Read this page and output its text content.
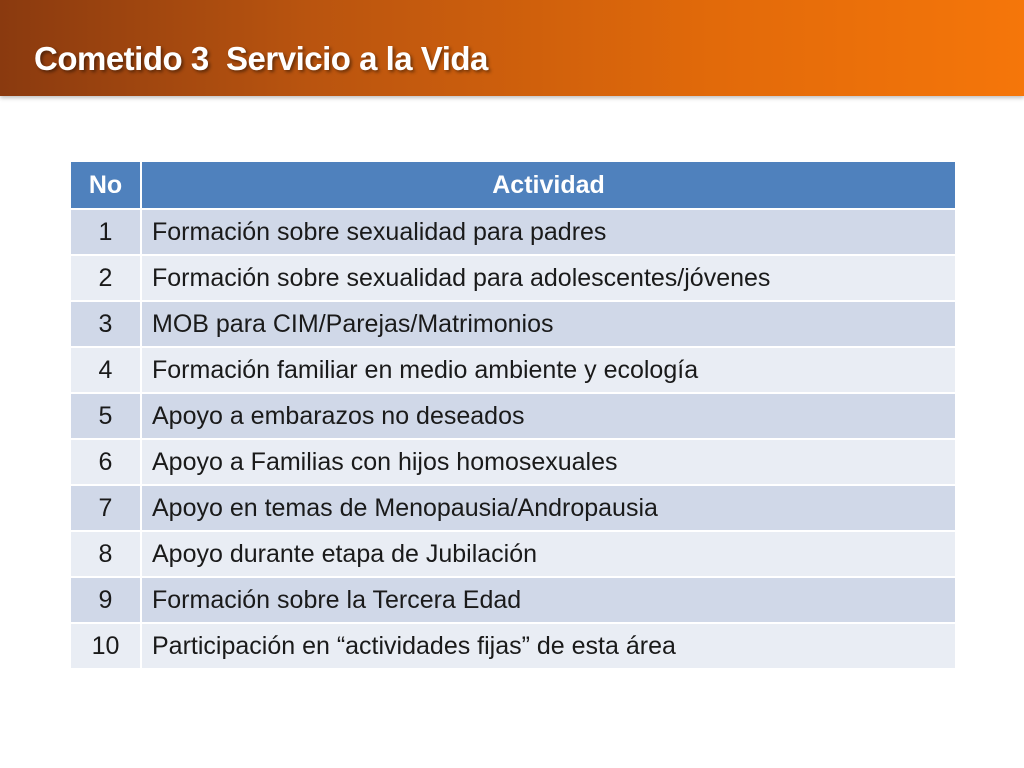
Cometido 3  Servicio a la Vida
No	Actividad
1	Formación sobre sexualidad para padres
2	Formación sobre sexualidad para adolescentes/jóvenes
3	MOB para CIM/Parejas/Matrimonios
4	Formación familiar en medio ambiente y ecología
5	Apoyo a embarazos no deseados
6	Apoyo a Familias con hijos homosexuales
7	Apoyo en temas de Menopausia/Andropausia
8	Apoyo durante etapa de Jubilación
9	Formación sobre la Tercera Edad
10	Participación en “actividades fijas” de esta área
